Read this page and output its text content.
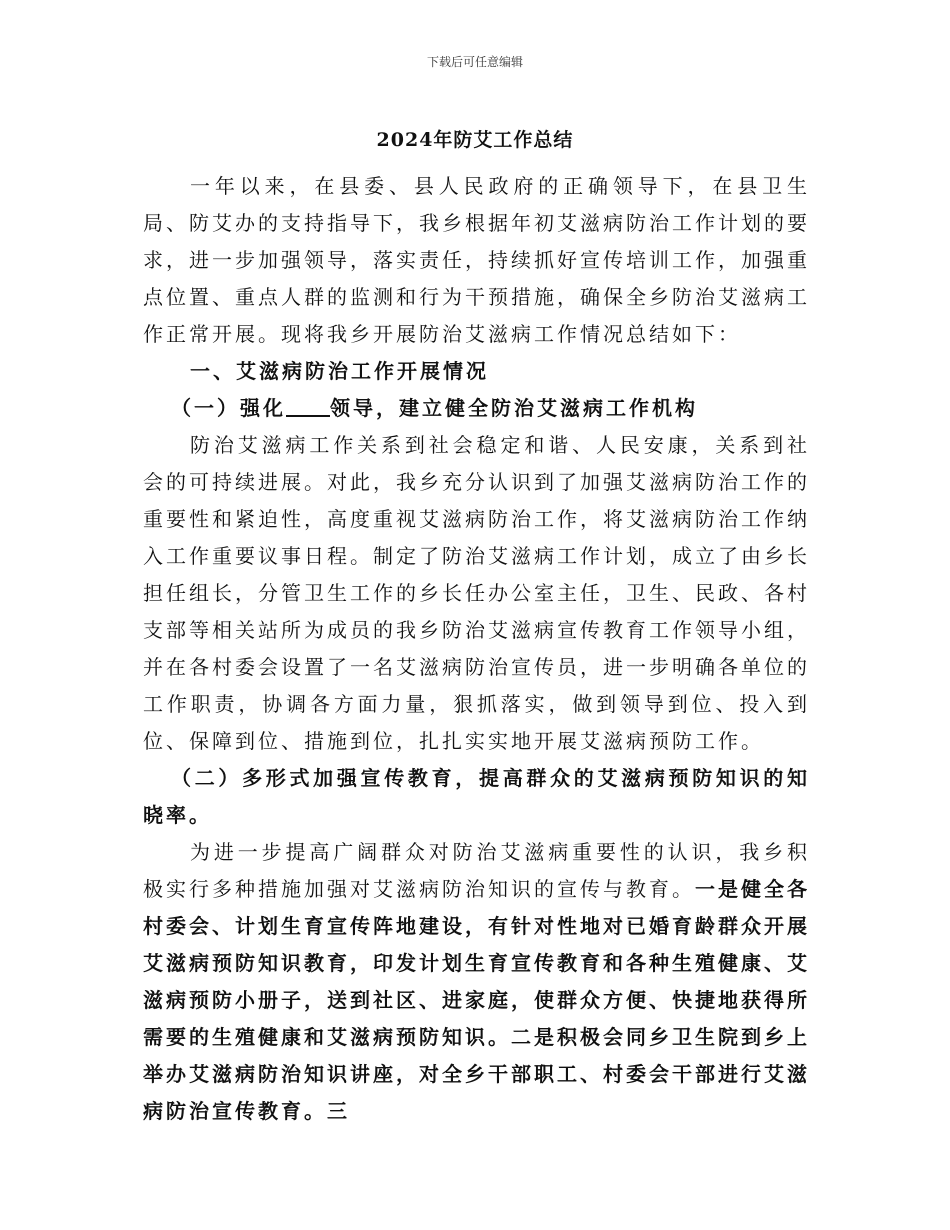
下载后可任意编辑
2024年防艾工作总结

一年以来，在县委、县人民政府的正确领导下，在县卫生局、防艾办的支持指导下，我乡根据年初艾滋病防治工作计划的要求，进一步加强领导，落实责任，持续抓好宣传培训工作，加强重点位置、重点人群的监测和行为干预措施，确保全乡防治艾滋病工作正常开展。现将我乡开展防治艾滋病工作情况总结如下：

一、艾滋病防治工作开展情况

（一）强化 领导，建立健全防治艾滋病工作机构

防治艾滋病工作关系到社会稳定和谐、人民安康，关系到社会的可持续进展。对此，我乡充分认识到了加强艾滋病防治工作的重要性和紧迫性，高度重视艾滋病防治工作，将艾滋病防治工作纳入工作重要议事日程。制定了防治艾滋病工作计划，成立了由乡长担任组长，分管卫生工作的乡长任办公室主任，卫生、民政、各村支部等相关站所为成员的我乡防治艾滋病宣传教育工作领导小组，并在各村委会设置了一名艾滋病防治宣传员，进一步明确各单位的工作职责，协调各方面力量，狠抓落实，做到领导到位、投入到位、保障到位、措施到位，扎扎实实地开展艾滋病预防工作。

（二）多形式加强宣传教育，提高群众的艾滋病预防知识的知晓率。

为进一步提高广阔群众对防治艾滋病重要性的认识，我乡积极实行多种措施加强对艾滋病防治知识的宣传与教育。一是健全各村委会、计划生育宣传阵地建设，有针对性地对已婚育龄群众开展艾滋病预防知识教育，印发计划生育宣传教育和各种生殖健康、艾滋病预防小册子，送到社区、进家庭，使群众方便、快捷地获得所需要的生殖健康和艾滋病预防知识。二是积极会同乡卫生院到乡上举办艾滋病防治知识讲座，对全乡干部职工、村委会干部进行艾滋病防治宣传教育。三
